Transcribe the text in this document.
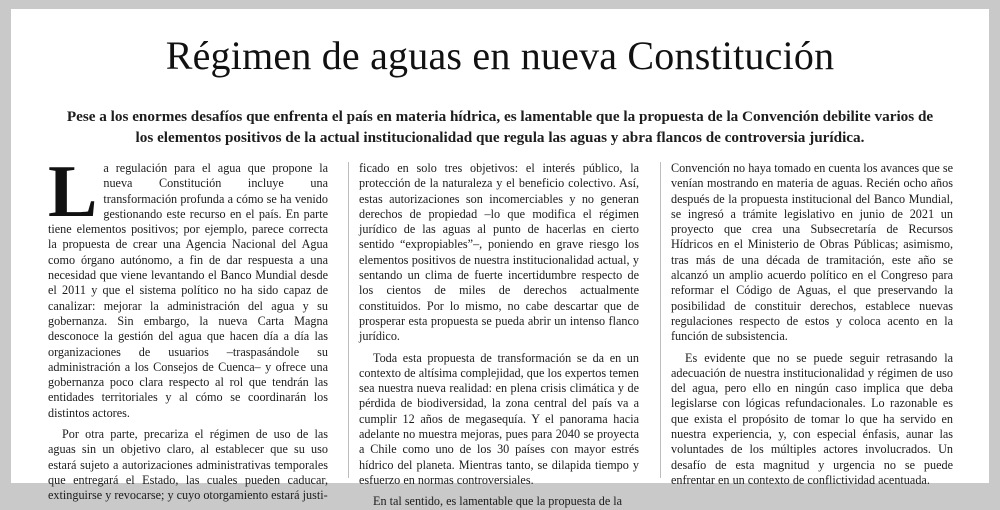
Régimen de aguas en nueva Constitución

Pese a los enormes desafíos que enfrenta el país en materia hídrica, es lamentable que la propuesta de la Convención debilite varios de los elementos positivos de la actual institucionalidad que regula las aguas y abra flancos de controversia jurídica.

La regulación para el agua que propone la nueva Constitución incluye una transformación profunda a cómo se ha venido gestionando este recurso en el país. En parte tiene elementos positivos; por ejemplo, parece correcta la propuesta de crear una Agencia Nacional del Agua como órgano autónomo, a fin de dar respuesta a una necesidad que viene levantando el Banco Mundial desde el 2011 y que el sistema político no ha sido capaz de canalizar: mejorar la administración del agua y su gobernanza. Sin embargo, la nueva Carta Magna desconoce la gestión del agua que hacen día a día las organizaciones de usuarios –traspasándole su administración a los Consejos de Cuenca– y ofrece una gobernanza poco clara respecto al rol que tendrán las entidades territoriales y al cómo se coordinarán los distintos actores.

Por otra parte, precariza el régimen de uso de las aguas sin un objetivo claro, al establecer que su uso estará sujeto a autorizaciones administrativas temporales que entregará el Estado, las cuales pueden caducar, extinguirse y revocarse; y cuyo otorgamiento estará justi-

ficado en solo tres objetivos: el interés público, la protección de la naturaleza y el beneficio colectivo. Así, estas autorizaciones son incomerciables y no generan derechos de propiedad –lo que modifica el régimen jurídico de las aguas al punto de hacerlas en cierto sentido “expropiables”–, poniendo en grave riesgo los elementos positivos de nuestra institucionalidad actual, y sentando un clima de fuerte incertidumbre respecto de los cientos de miles de derechos actualmente constituidos. Por lo mismo, no cabe descartar que de prosperar esta propuesta se pueda abrir un intenso flanco jurídico.

Toda esta propuesta de transformación se da en un contexto de altísima complejidad, que los expertos temen sea nuestra nueva realidad: en plena crisis climática y de pérdida de biodiversidad, la zona central del país va a cumplir 12 años de megasequía. Y el panorama hacia adelante no muestra mejoras, pues para 2040 se proyecta a Chile como uno de los 30 países con mayor estrés hídrico del planeta. Mientras tanto, se dilapida tiempo y esfuerzo en normas controversiales.

En tal sentido, es lamentable que la propuesta de la

Convención no haya tomado en cuenta los avances que se venían mostrando en materia de aguas. Recién ocho años después de la propuesta institucional del Banco Mundial, se ingresó a trámite legislativo en junio de 2021 un proyecto que crea una Subsecretaría de Recursos Hídricos en el Ministerio de Obras Públicas; asimismo, tras más de una década de tramitación, este año se alcanzó un amplio acuerdo político en el Congreso para reformar el Código de Aguas, el que preservando la posibilidad de constituir derechos, establece nuevas regulaciones respecto de estos y coloca acento en la función de subsistencia.

Es evidente que no se puede seguir retrasando la adecuación de nuestra institucionalidad y régimen de uso del agua, pero ello en ningún caso implica que deba legislarse con lógicas refundacionales. Lo razonable es que exista el propósito de tomar lo que ha servido en nuestra experiencia, y, con especial énfasis, aunar las voluntades de los múltiples actores involucrados. Un desafío de esta magnitud y urgencia no se puede enfrentar en un contexto de conflictividad acentuada.
